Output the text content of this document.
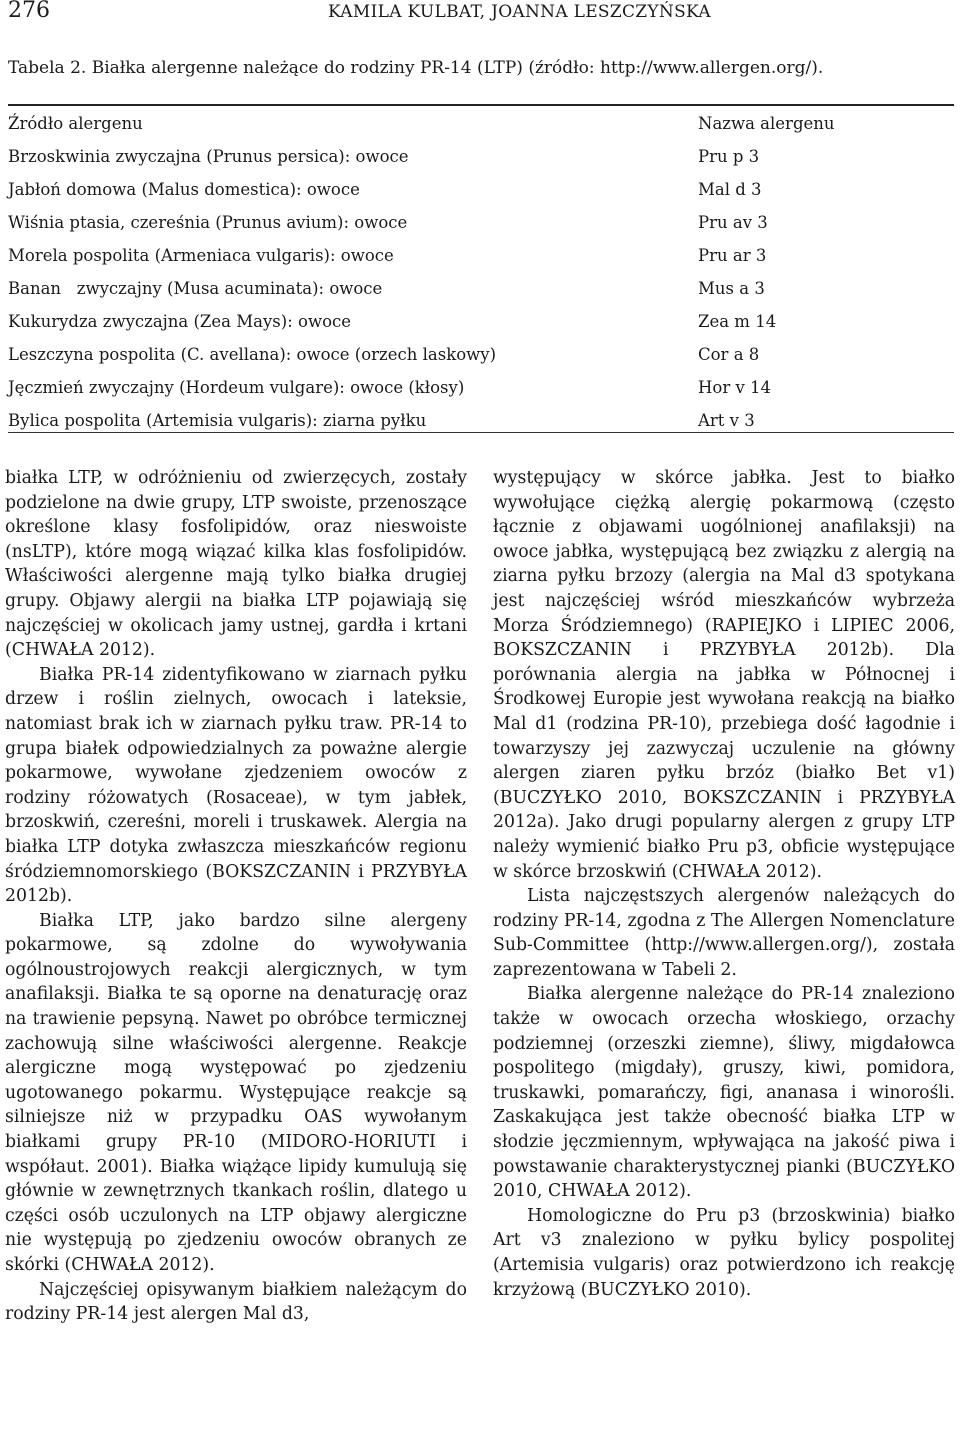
276	KAMILA KULBAT, JOANNA LESZCZYŃSKA
Tabela 2. Białka alergenne należące do rodziny PR-14 (LTP) (źródło: http://www.allergen.org/).
Źródło alergenu	Nazwa alergenu
Brzoskwinia zwyczajna (Prunus persica): owoce	Pru p 3
Jabłoń domowa (Malus domestica): owoce	Mal d 3
Wiśnia ptasia, czereśnia (Prunus avium): owoce	Pru av 3
Morela pospolita (Armeniaca vulgaris): owoce	Pru ar 3
Banan   zwyczajny (Musa acuminata): owoce	Mus a 3
Kukurydza zwyczajna (Zea Mays): owoce	Zea m 14
Leszczyna pospolita (C. avellana): owoce (orzech laskowy)	Cor a 8
Jęczmień zwyczajny (Hordeum vulgare): owoce (kłosy)	Hor v 14
Bylica pospolita (Artemisia vulgaris): ziarna pyłku	Art v 3

białka LTP, w odróżnieniu od zwierzęcych, zostały podzielone na dwie grupy, LTP swoiste, przenoszące określone klasy fosfolipidów, oraz nieswoiste (nsLTP), które mogą wiązać kilka klas fosfolipidów. Właściwości alergenne mają tylko białka drugiej grupy. Objawy alergii na białka LTP pojawiają się najczęściej w okolicach jamy ustnej, gardła i krtani (CHWAŁA 2012).

Białka PR-14 zidentyfikowano w ziarnach pyłku drzew i roślin zielnych, owocach i lateksie, natomiast brak ich w ziarnach pyłku traw. PR-14 to grupa białek odpowiedzialnych za poważne alergie pokarmowe, wywołane zjedzeniem owoców z rodziny różowatych (Rosaceae), w tym jabłek, brzoskwiń, czereśni, moreli i truskawek. Alergia na białka LTP dotyka zwłaszcza mieszkańców regionu śródziemnomorskiego (BOKSZCZANIN i PRZYBYŁA 2012b).

Białka LTP, jako bardzo silne alergeny pokarmowe, są zdolne do wywoływania ogólnoustrojowych reakcji alergicznych, w tym anafilaksji. Białka te są oporne na denaturację oraz na trawienie pepsyną. Nawet po obróbce termicznej zachowują silne właściwości alergenne. Reakcje alergiczne mogą występować po zjedzeniu ugotowanego pokarmu. Występujące reakcje są silniejsze niż w przypadku OAS wywołanym białkami grupy PR-10 (MIDORO-HORIUTI i współaut. 2001). Białka wiążące lipidy kumulują się głównie w zewnętrznych tkankach roślin, dlatego u części osób uczulonych na LTP objawy alergiczne nie występują po zjedzeniu owoców obranych ze skórki (CHWAŁA 2012).

Najczęściej opisywanym białkiem należącym do rodziny PR-14 jest alergen Mal d3,

występujący w skórce jabłka. Jest to białko wywołujące ciężką alergię pokarmową (często łącznie z objawami uogólnionej anafilaksji) na owoce jabłka, występującą bez związku z alergią na ziarna pyłku brzozy (alergia na Mal d3 spotykana jest najczęściej wśród mieszkańców wybrzeża Morza Śródziemnego) (RAPIEJKO i LIPIEC 2006, BOKSZCZANIN i PRZYBYŁA 2012b). Dla porównania alergia na jabłka w Północnej i Środkowej Europie jest wywołana reakcją na białko Mal d1 (rodzina PR-10), przebiega dość łagodnie i towarzyszy jej zazwyczaj uczulenie na główny alergen ziaren pyłku brzóz (białko Bet v1) (BUCZYŁKO 2010, BOKSZCZANIN i PRZYBYŁA 2012a). Jako drugi popularny alergen z grupy LTP należy wymienić białko Pru p3, obficie występujące w skórce brzoskwiń (CHWAŁA 2012).

Lista najczęstszych alergenów należących do rodziny PR-14, zgodna z The Allergen Nomenclature Sub-Committee (http://www.allergen.org/), została zaprezentowana w Tabeli 2.

Białka alergenne należące do PR-14 znaleziono także w owocach orzecha włoskiego, orzachy podziemnej (orzeszki ziemne), śliwy, migdałowca pospolitego (migdały), gruszy, kiwi, pomidora, truskawki, pomarańczy, figi, ananasa i winorośli. Zaskakująca jest także obecność białka LTP w słodzie jęczmiennym, wpływająca na jakość piwa i powstawanie charakterystycznej pianki (BUCZYŁKO 2010, CHWAŁA 2012).

Homologiczne do Pru p3 (brzoskwinia) białko Art v3 znaleziono w pyłku bylicy pospolitej (Artemisia vulgaris) oraz potwierdzono ich reakcję krzyżową (BUCZYŁKO 2010).
